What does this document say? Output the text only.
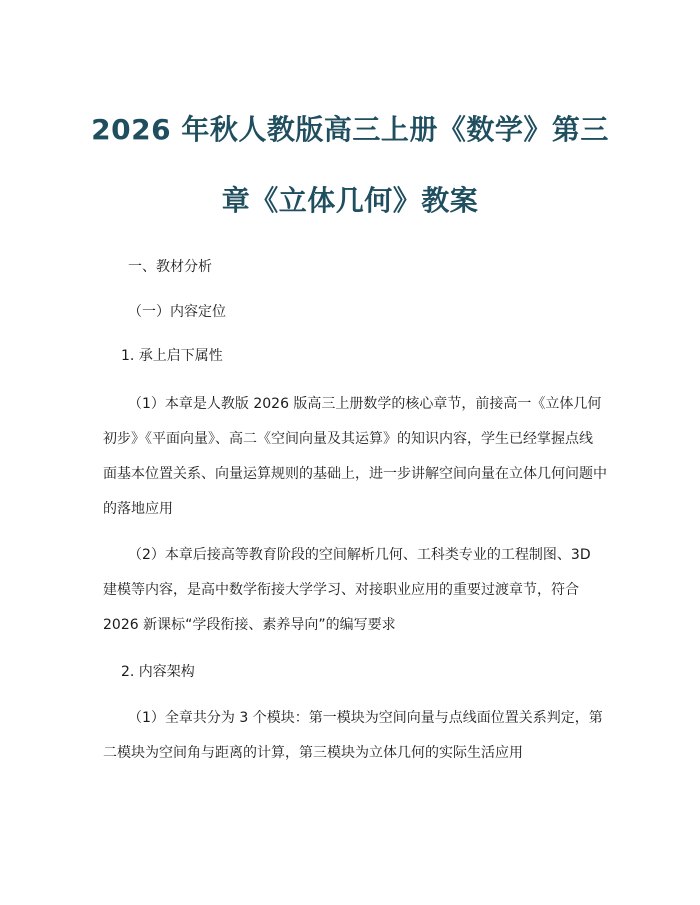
2026 年秋人教版高三上册《数学》第三
章《立体几何》教案

一、教材分析

（一）内容定位

1. 承上启下属性

（1）本章是人教版 2026 版高三上册数学的核心章节，前接高一《立体几何

初步》《平面向量》、高二《空间向量及其运算》的知识内容，学生已经掌握点线

面基本位置关系、向量运算规则的基础上，进一步讲解空间向量在立体几何问题中

的落地应用

（2）本章后接高等教育阶段的空间解析几何、工科类专业的工程制图、3D

建模等内容，是高中数学衔接大学学习、对接职业应用的重要过渡章节，符合

2026 新课标“学段衔接、素养导向”的编写要求

2. 内容架构

（1）全章共分为 3 个模块：第一模块为空间向量与点线面位置关系判定，第

二模块为空间角与距离的计算，第三模块为立体几何的实际生活应用
